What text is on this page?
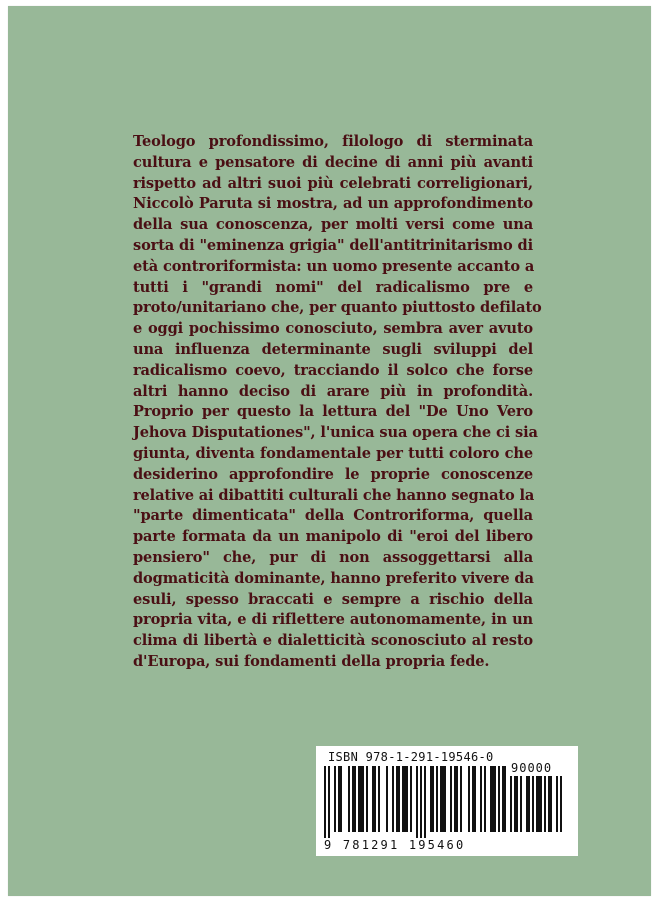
Teologo profondissimo, filologo di sterminata
cultura e pensatore di decine di anni più avanti
rispetto ad altri suoi più celebrati correligionari,
Niccolò Paruta si mostra, ad un approfondimento
della sua conoscenza, per molti versi come una
sorta di "eminenza grigia" dell'antitrinitarismo di
età controriformista: un uomo presente accanto a
tutti i "grandi nomi" del radicalismo pre e
proto/unitariano che, per quanto piuttosto defilato
e oggi pochissimo conosciuto, sembra aver avuto
una influenza determinante sugli sviluppi del
radicalismo coevo, tracciando il solco che forse
altri hanno deciso di arare più in profondità.
Proprio per questo la lettura del "De Uno Vero
Jehova Disputationes", l'unica sua opera che ci sia
giunta, diventa fondamentale per tutti coloro che
desiderino approfondire le proprie conoscenze
relative ai dibattiti culturali che hanno segnato la
"parte dimenticata" della Controriforma, quella
parte formata da un manipolo di "eroi del libero
pensiero" che, pur di non assoggettarsi alla
dogmaticità dominante, hanno preferito vivere da
esuli, spesso braccati e sempre a rischio della
propria vita, e di riflettere autonomamente, in un
clima di libertà e dialetticità sconosciuto al resto
d'Europa, sui fondamenti della propria fede.
ISBN 978-1-291-19546-0
90000
9 781291 195460
